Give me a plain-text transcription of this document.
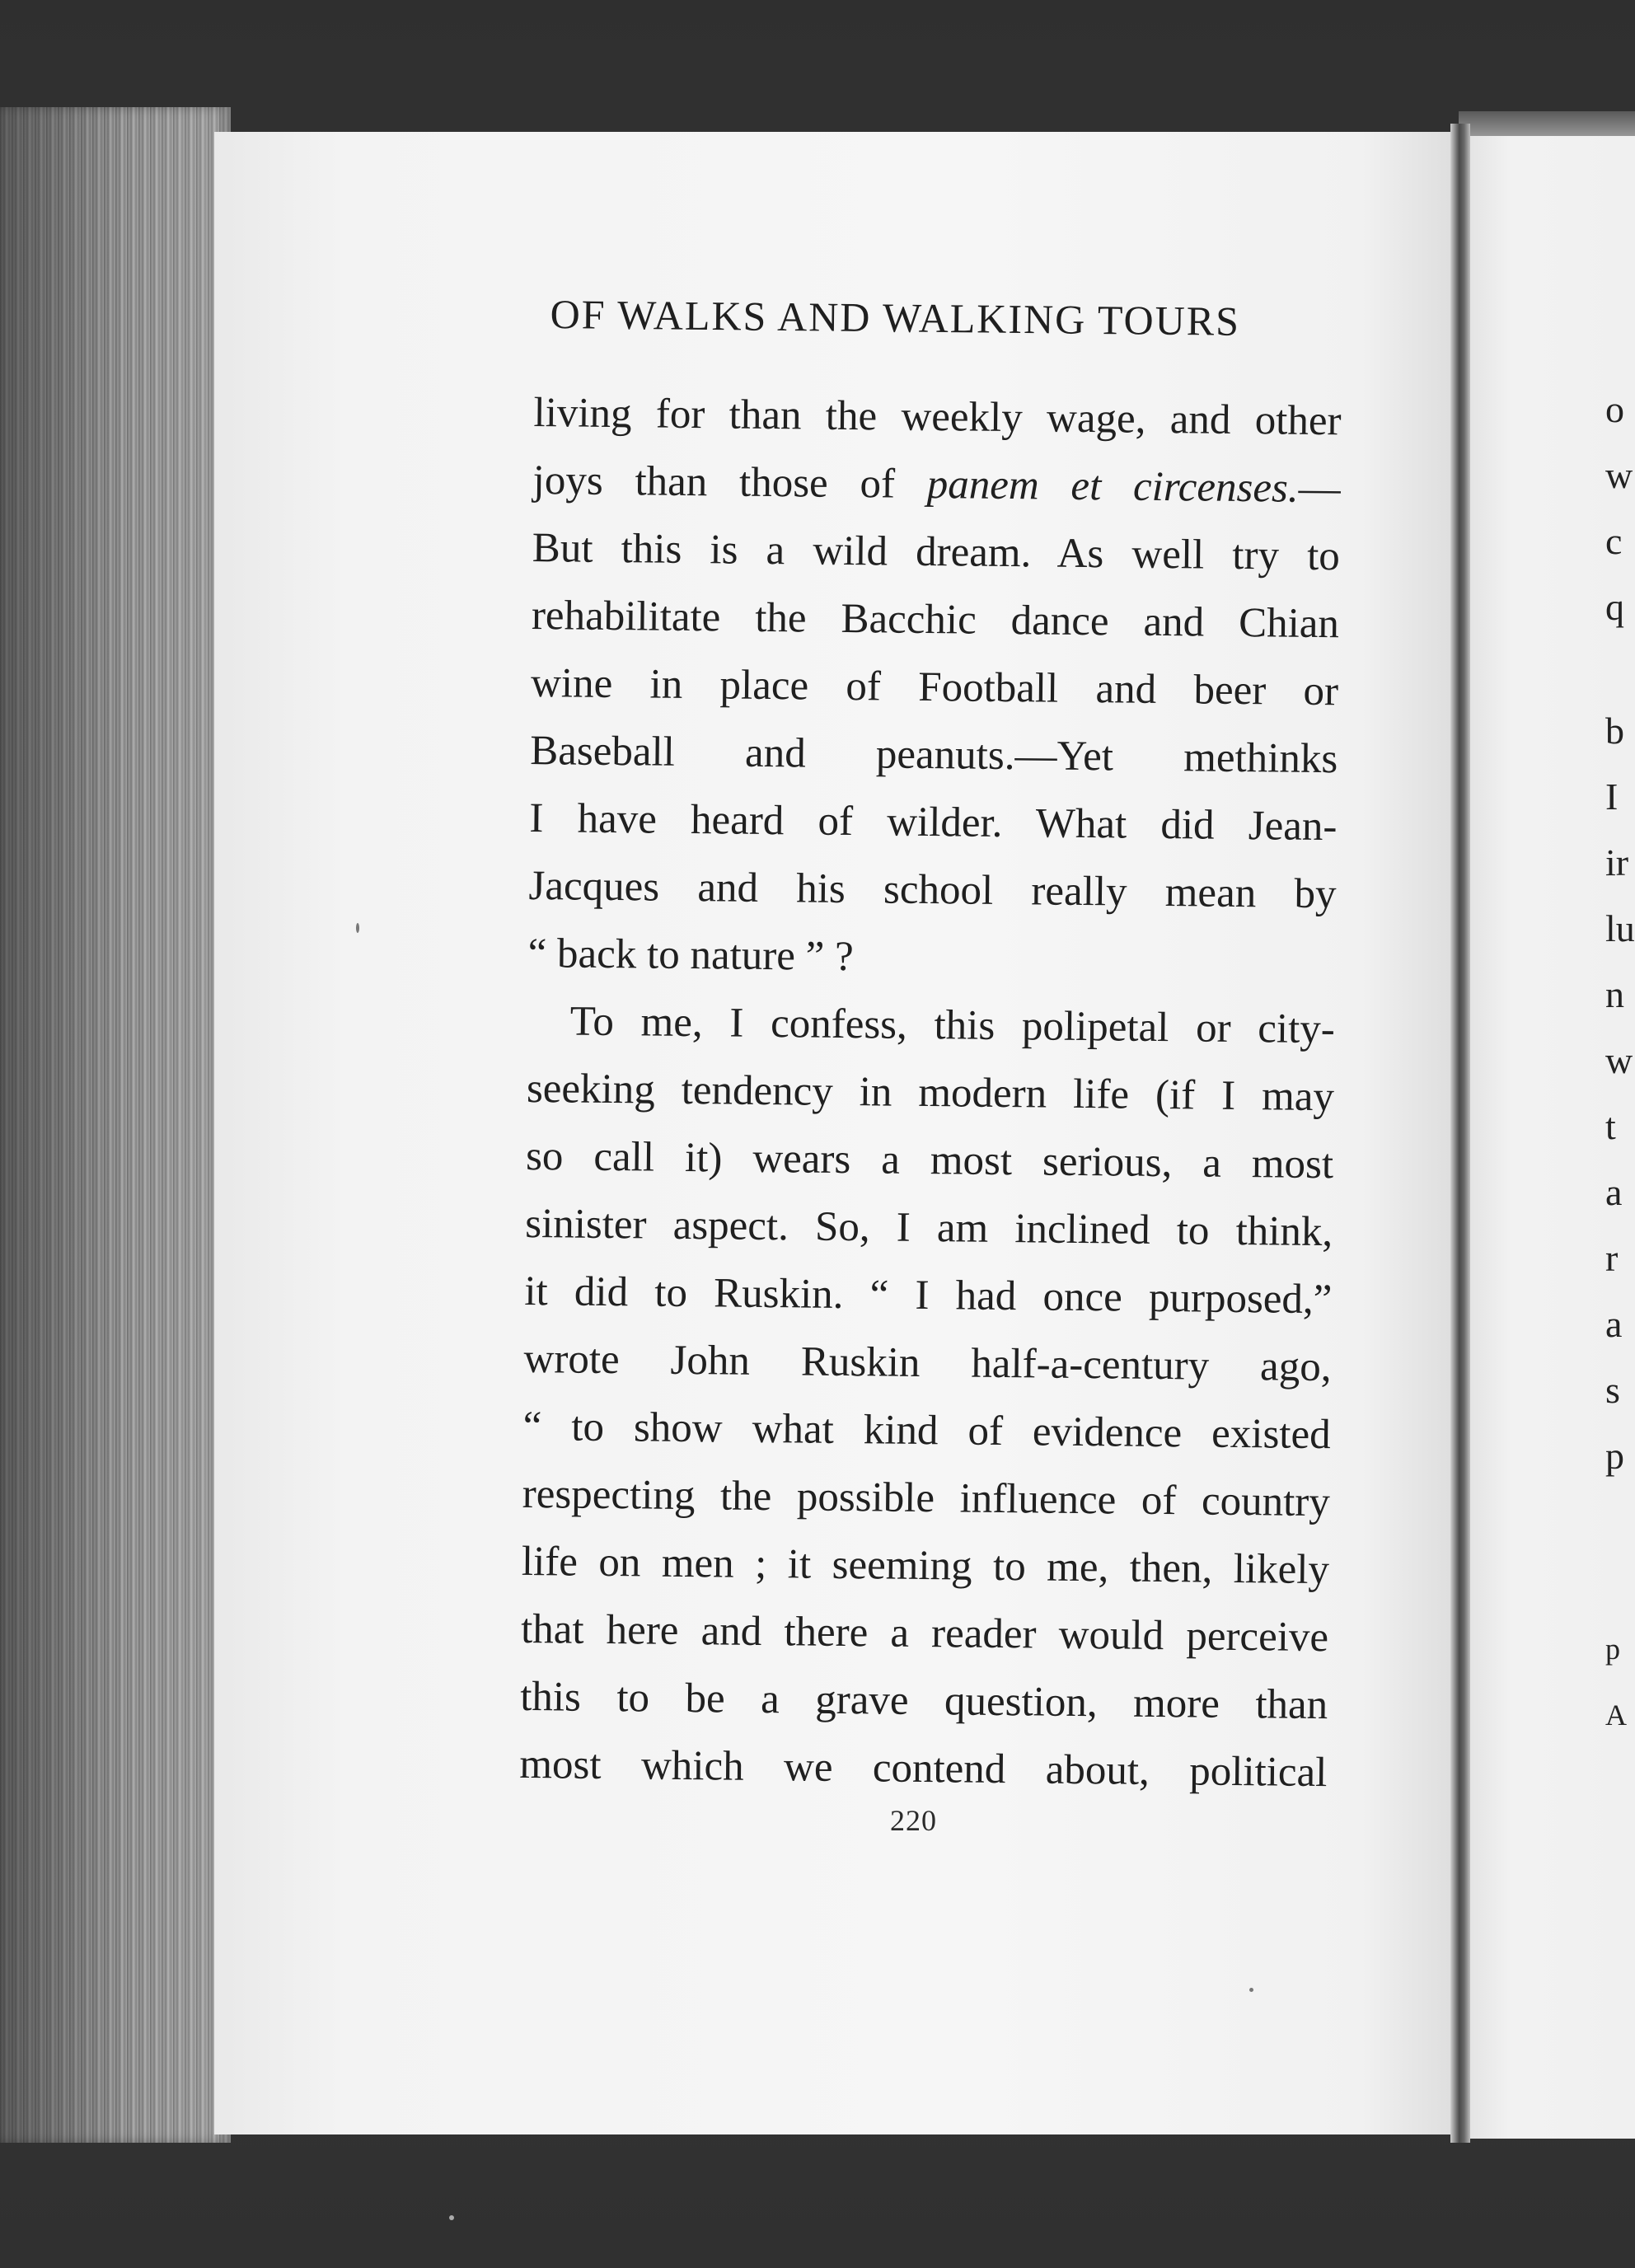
OF WALKS AND WALKING TOURS
living for than the weekly wage, and other
joys than those of panem et circenses.—
But this is a wild dream. As well try to
rehabilitate the Bacchic dance and Chian
wine in place of Football and beer or
Baseball and peanuts.—Yet methinks
I have heard of wilder. What did Jean-
Jacques and his school really mean by
“ back to nature ” ?
To me, I confess, this polipetal or city-
seeking tendency in modern life (if I may
so call it) wears a most serious, a most
sinister aspect. So, I am inclined to think,
it did to Ruskin. “ I had once purposed,”
wrote John Ruskin half-a-century ago,
“ to show what kind of evidence existed
respecting the possible influence of country
life on men ; it seeming to me, then, likely
that here and there a reader would perceive
this to be a grave question, more than
most which we contend about, political
220
o
w
c
q
b
I
ir
lu
n
w
t
a
r
a
s
p
p
A
